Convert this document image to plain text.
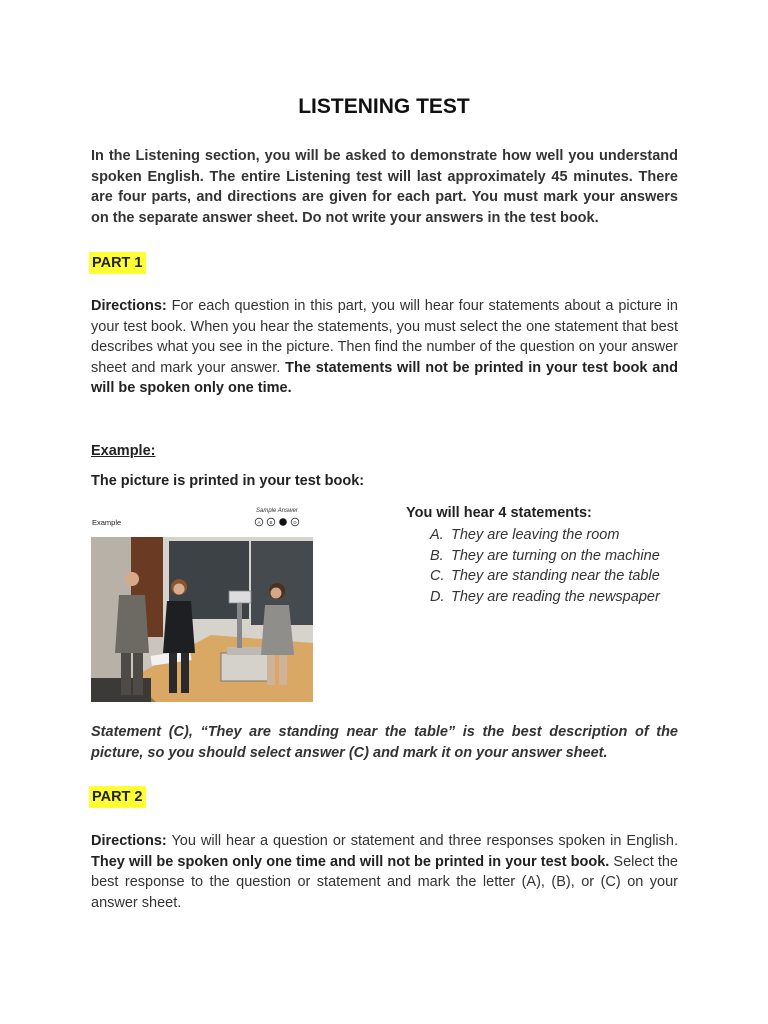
LISTENING TEST
In the Listening section, you will be asked to demonstrate how well you understand spoken English. The entire Listening test will last approximately 45 minutes. There are four parts, and directions are given for each part. You must mark your answers on the separate answer sheet. Do not write your answers in the test book.
PART 1
Directions: For each question in this part, you will hear four statements about a picture in your test book. When you hear the statements, you must select the one statement that best describes what you see in the picture. Then find the number of the question on your answer sheet and mark your answer. The statements will not be printed in your test book and will be spoken only one time.
Example:
The picture is printed in your test book:
Example
Sample Answer
A B	D
You will hear 4 statements:
A. They are leaving the room
B. They are turning on the machine
C. They are standing near the table
D. They are reading the newspaper
Statement (C), “They are standing near the table” is the best description of the picture, so you should select answer (C) and mark it on your answer sheet.
PART 2
Directions: You will hear a question or statement and three responses spoken in English. They will be spoken only one time and will not be printed in your test book. Select the best response to the question or statement and mark the letter (A), (B), or (C) on your answer sheet.
